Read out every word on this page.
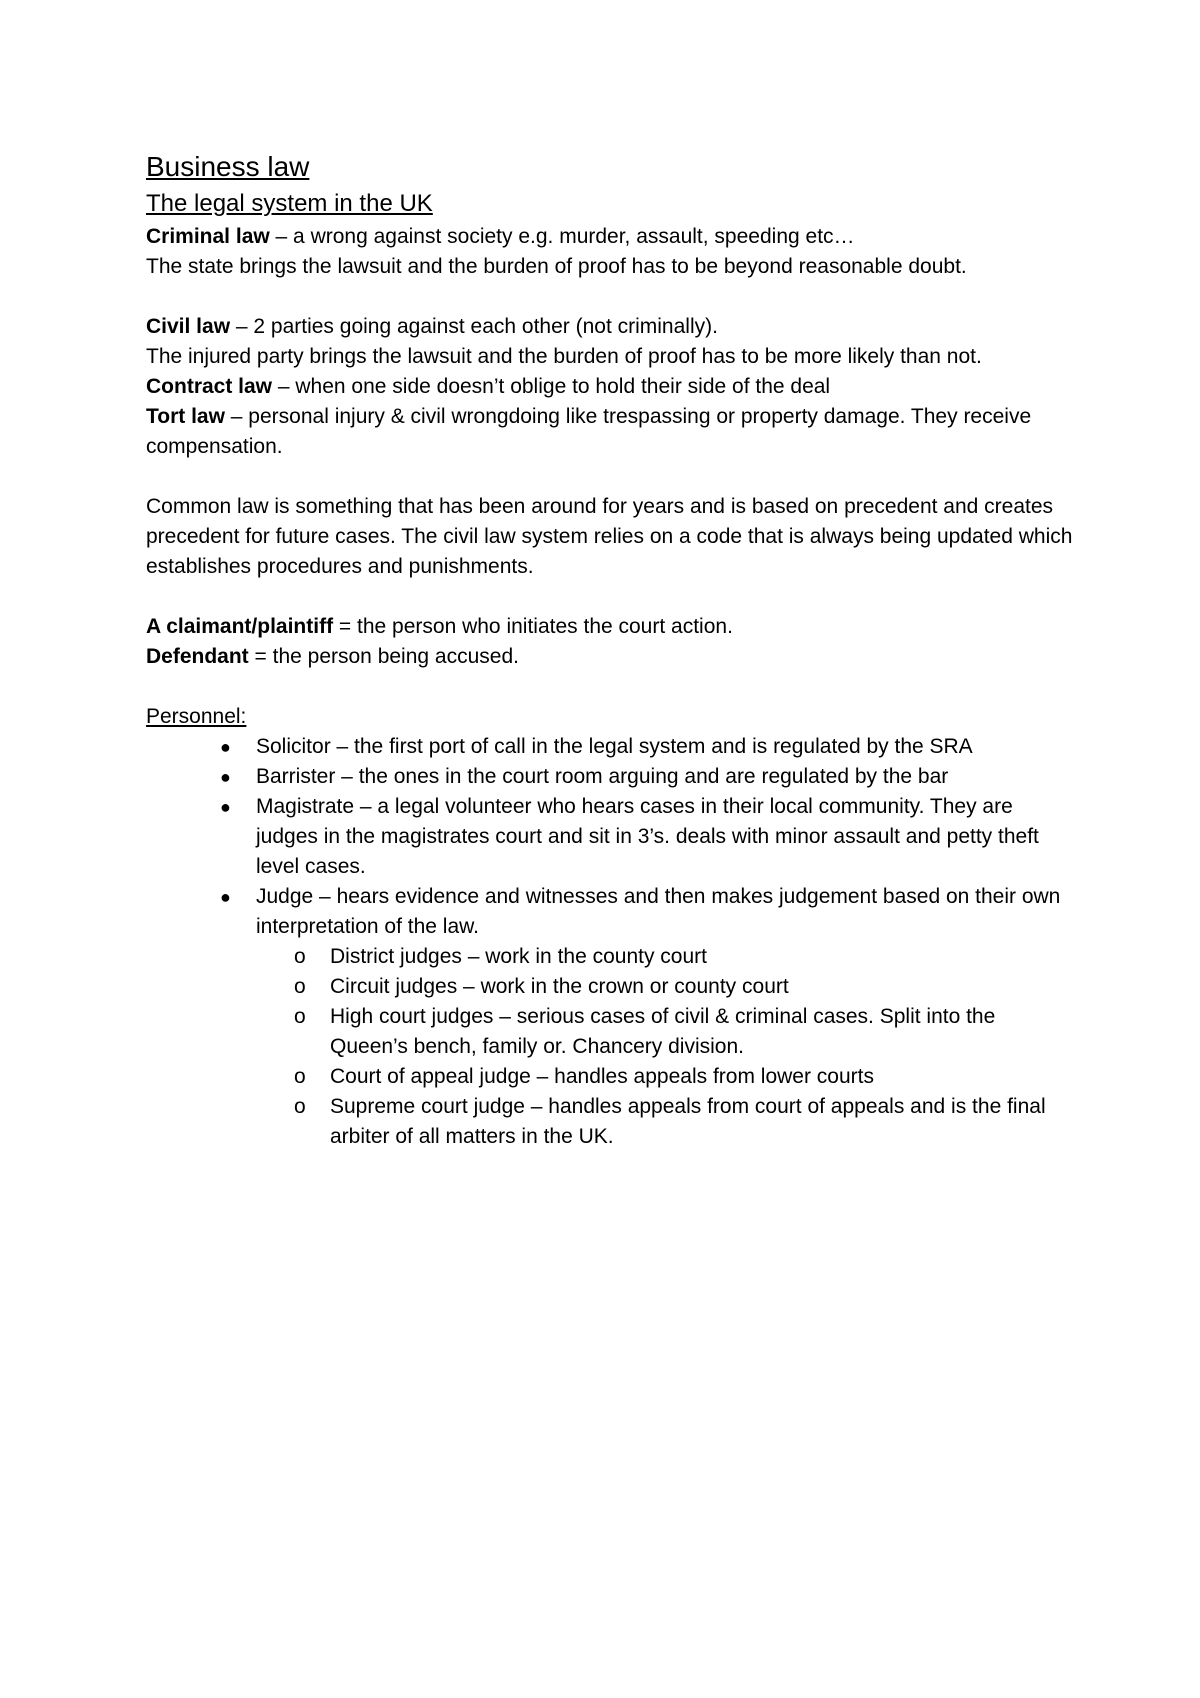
Business law
The legal system in the UK

Criminal law – a wrong against society e.g. murder, assault, speeding etc…

The state brings the lawsuit and the burden of proof has to be beyond reasonable doubt.

Civil law – 2 parties going against each other (not criminally).

The injured party brings the lawsuit and the burden of proof has to be more likely than not.

Contract law – when one side doesn’t oblige to hold their side of the deal

Tort law – personal injury & civil wrongdoing like trespassing or property damage. They receive compensation.

Common law is something that has been around for years and is based on precedent and creates precedent for future cases. The civil law system relies on a code that is always being updated which establishes procedures and punishments.

A claimant/plaintiff = the person who initiates the court action.

Defendant = the person being accused.

Personnel:

● Solicitor – the first port of call in the legal system and is regulated by the SRA
● Barrister – the ones in the court room arguing and are regulated by the bar
● Magistrate – a legal volunteer who hears cases in their local community. They are judges in the magistrates court and sit in 3’s. deals with minor assault and petty theft level cases.
● Judge – hears evidence and witnesses and then makes judgement based on their own interpretation of the law.
o District judges – work in the county court
o Circuit judges – work in the crown or county court
o High court judges – serious cases of civil & criminal cases. Split into the Queen’s bench, family or. Chancery division.
o Court of appeal judge – handles appeals from lower courts
o Supreme court judge – handles appeals from court of appeals and is the final arbiter of all matters in the UK.
